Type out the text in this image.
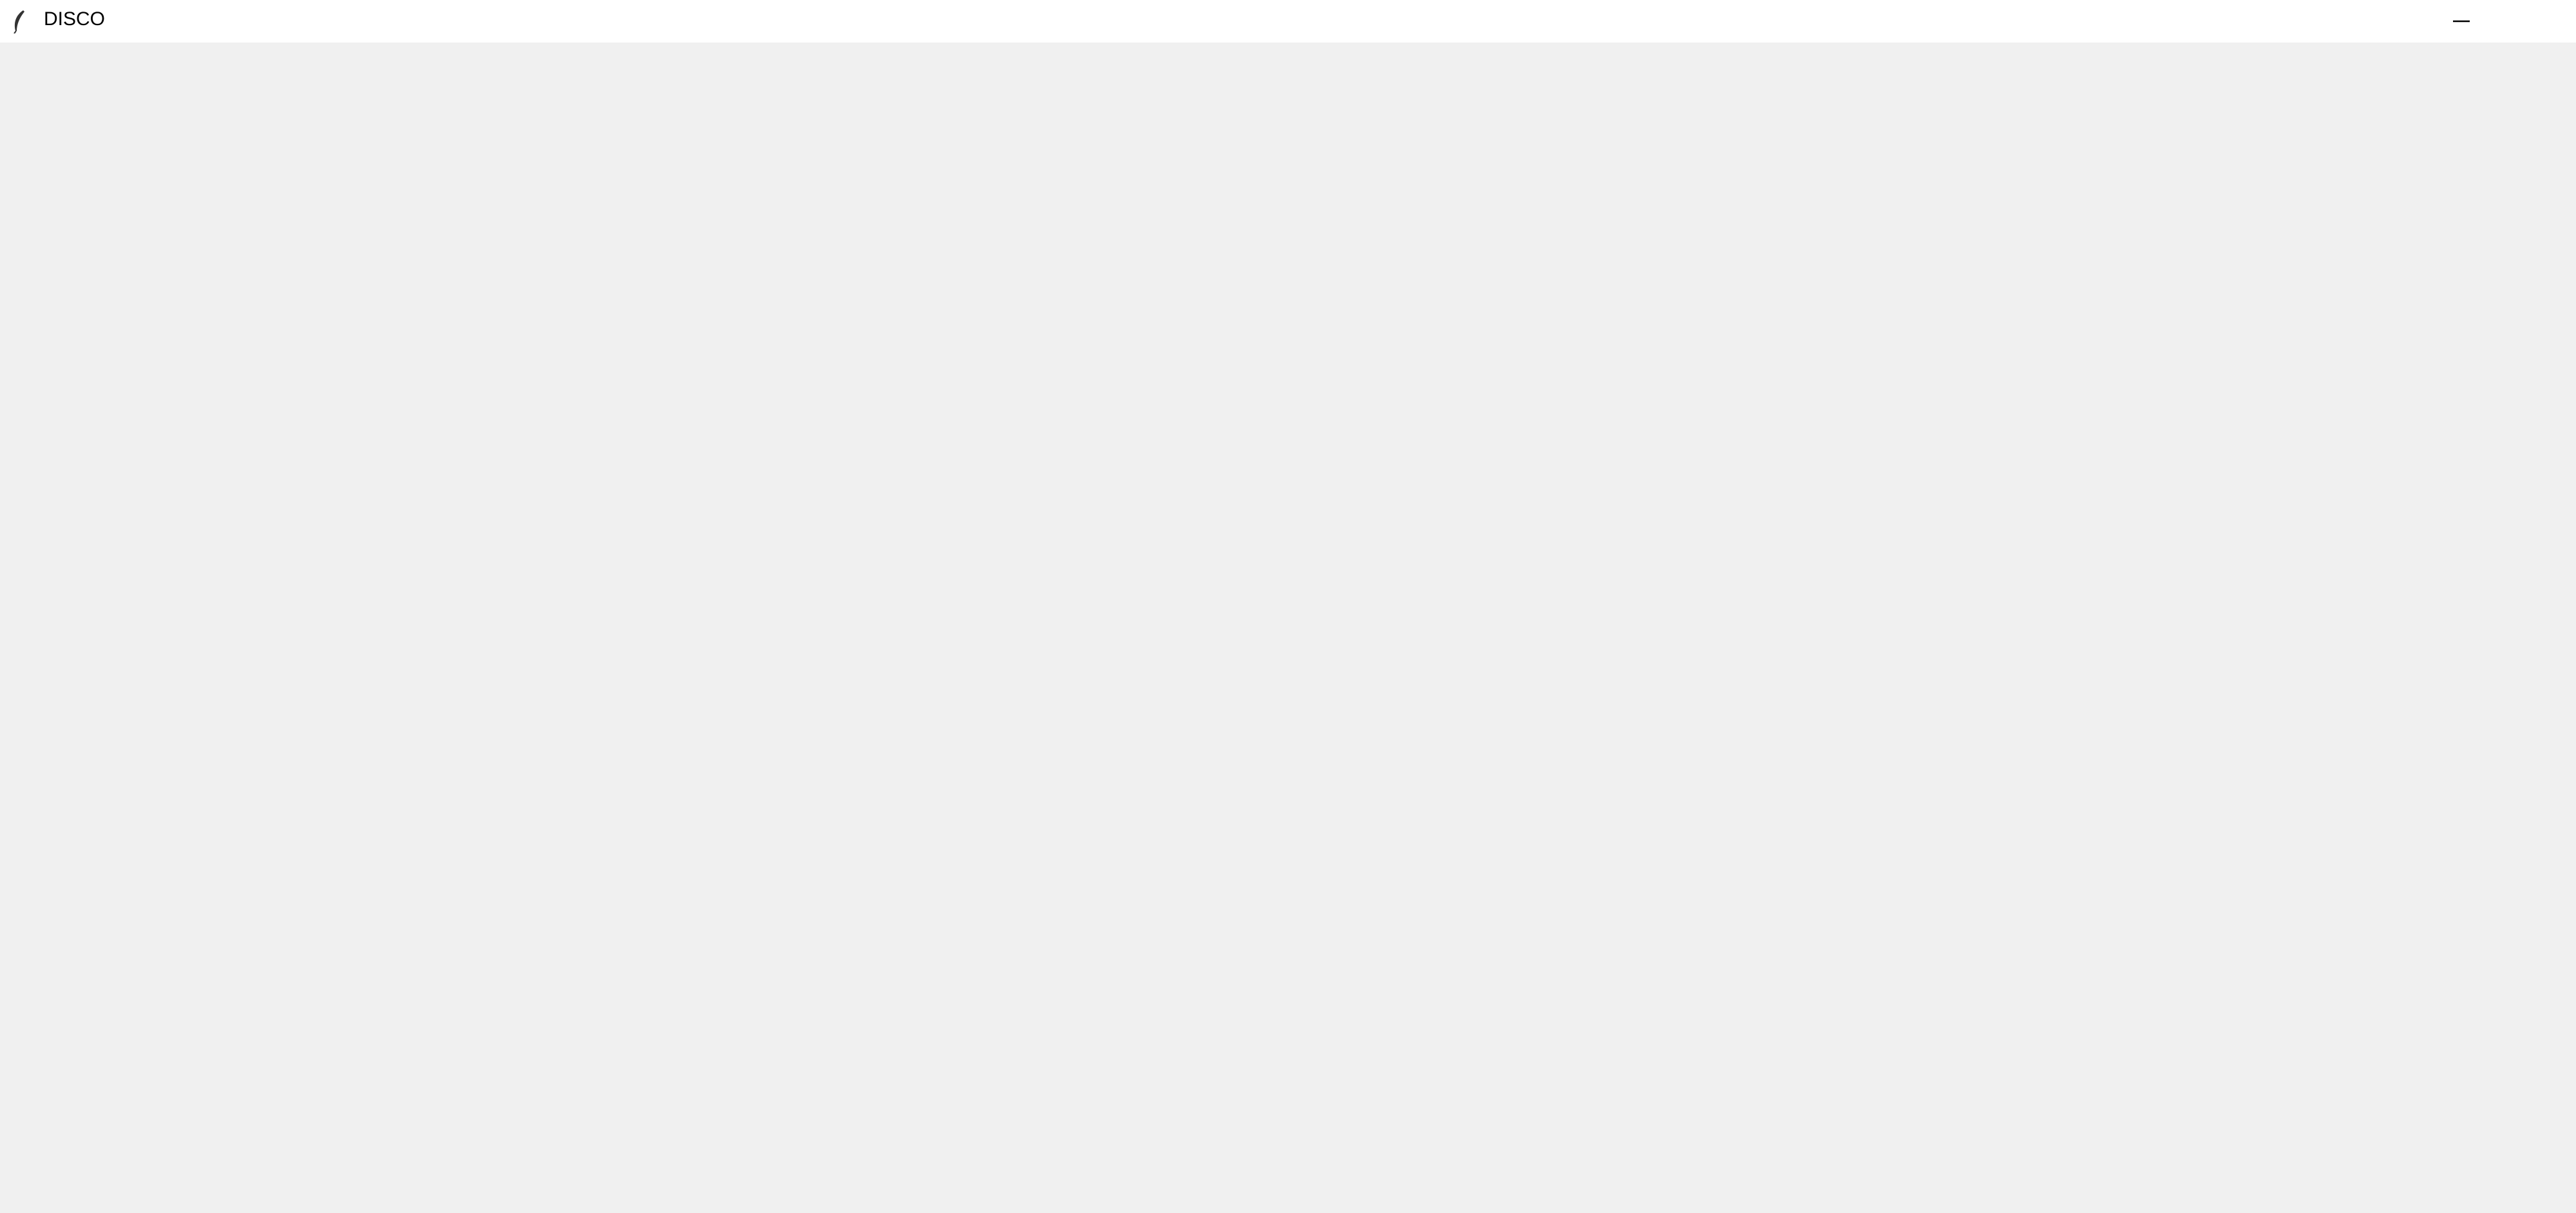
DISCO
